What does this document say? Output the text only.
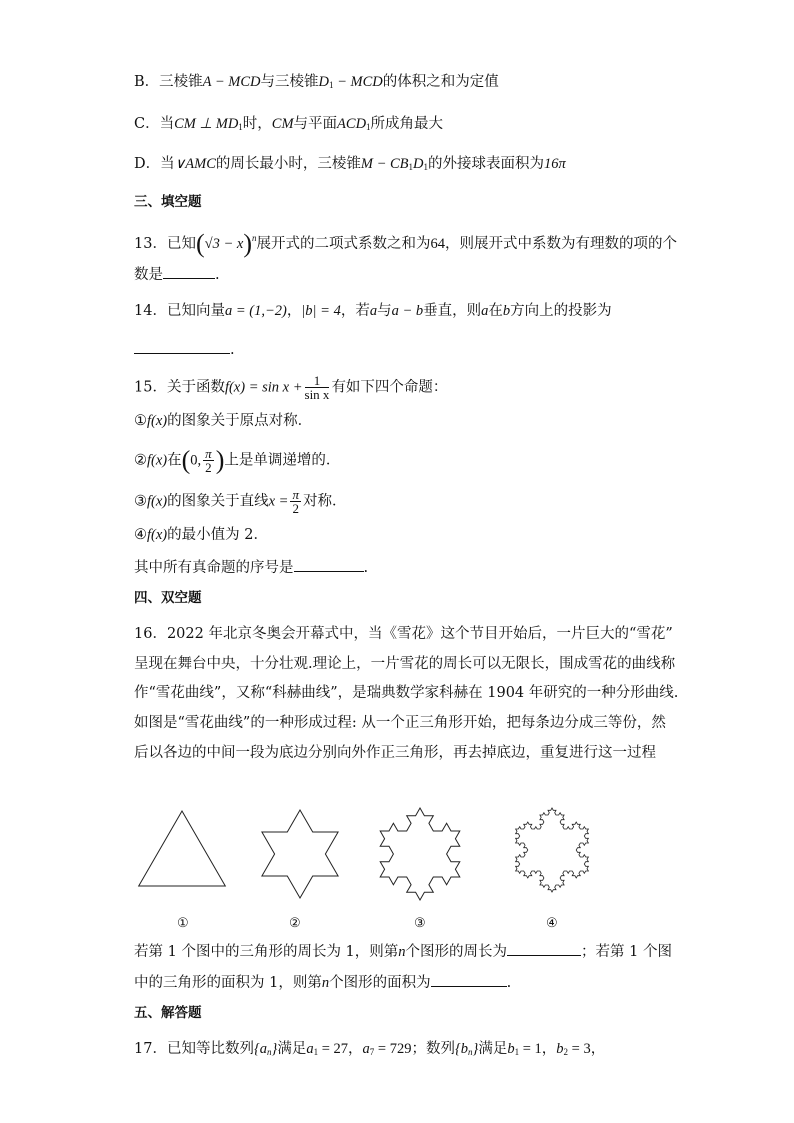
B．三棱锥A − MCD与三棱锥$D_1$ − MCD的体积之和为定值
C．当CM ⊥ $MD_1$时，CM与平面$ACD_1$所成角最大
D．当∨AMC的周长最小时，三棱锥$M - CB_1D_1$的外接球表面积为16π
三、填空题
13．已知$(√3 - x)^n$展开式的二项式系数之和为64，则展开式中系数为有理数的项的个
数是	.
14．已知向量a = (1,−2)，|b| = 4，若a与a − b垂直，则a在b方向上的投影为
.
15．关于函数$f(x) = \sin x + \frac{1}{\text{sin x}}$ 有如下四个命题：
①f(x)的图象关于原点对称．
②f(x)在(0, $\frac{\pi}{2}$ )上是单调递增的．
③f(x)的图象关于直线$x = \frac{\pi}{2}$ 对称．
④f(x)的最小值为 2．
其中所有真命题的序号是	.
四、双空题
16．2022 年北京冬奥会开幕式中，当《雪花》这个节目开始后，一片巨大的“雪花”
呈现在舞台中央，十分壮观.理论上，一片雪花的周长可以无限长，围成雪花的曲线称
作“雪花曲线”，又称“科赫曲线”，是瑞典数学家科赫在 1904 年研究的一种分形曲线.
如图是“雪花曲线”的一种形成过程: 从一个正三角形开始，把每条边分成三等份，然
后以各边的中间一段为底边分别向外作正三角形，再去掉底边，重复进行这一过程
①	②	③	④
若第 1 个图中的三角形的周长为 1，则第n个图形的周长为	；若第 1 个图
中的三角形的面积为 1，则第n个图形的面积为	.
五、解答题
17．已知等比数列$\{a_n\}$满足$a_1 = 27$，$a_7 = 729$；数列$\{b_n\}$满足$b_1 = 1$，$b_2 = 3$，
